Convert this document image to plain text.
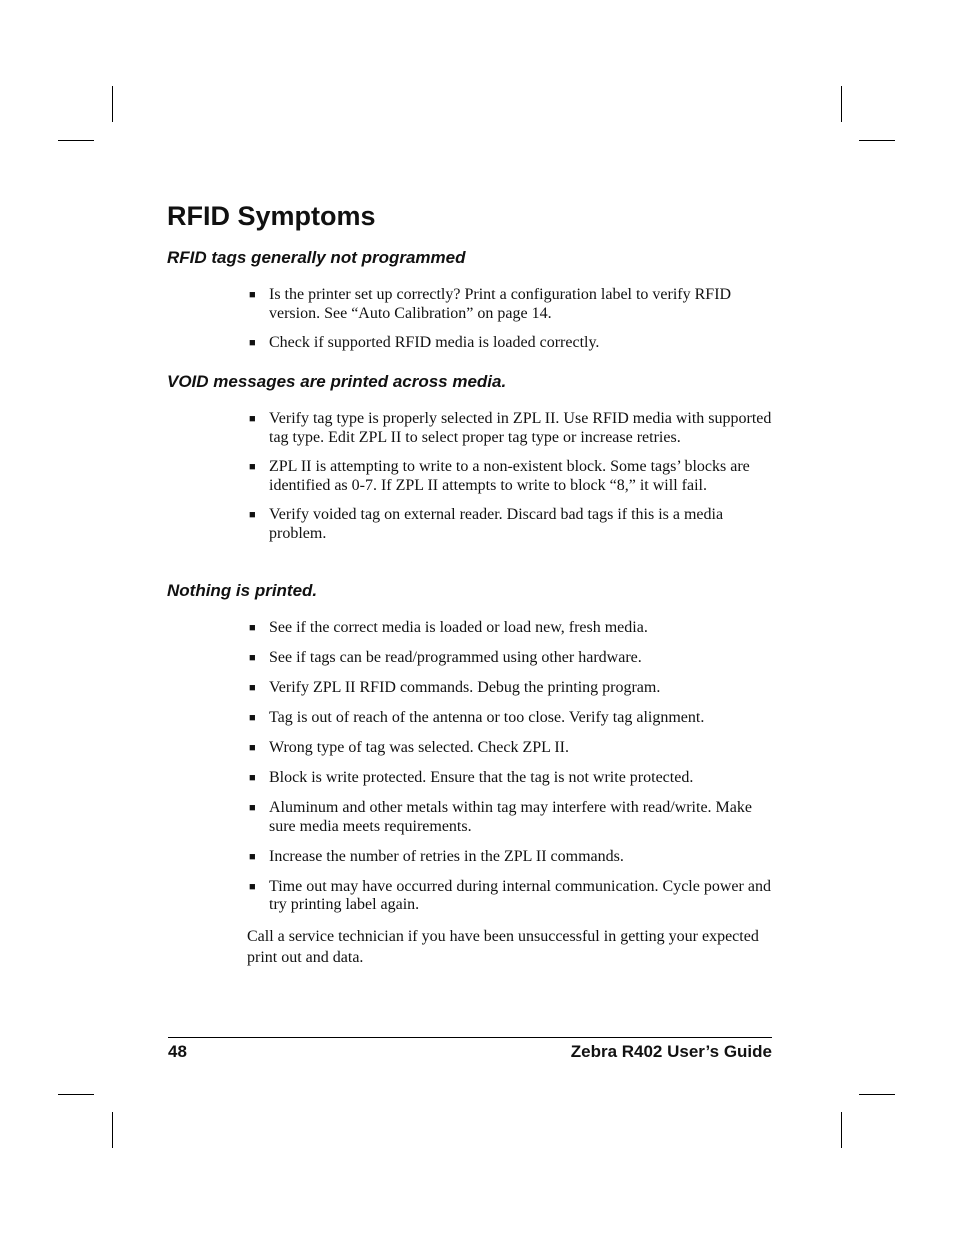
RFID Symptoms
RFID tags generally not programmed
■ Is the printer set up correctly? Print a configuration label to verify RFID version. See “Auto Calibration” on page 14.
■ Check if supported RFID media is loaded correctly.
VOID messages are printed across media.
■ Verify tag type is properly selected in ZPL II. Use RFID media with supported tag type. Edit ZPL II to select proper tag type or increase retries.
■ ZPL II is attempting to write to a non-existent block. Some tags’ blocks are identified as 0-7. If ZPL II attempts to write to block “8,” it will fail.
■ Verify voided tag on external reader. Discard bad tags if this is a media problem.
Nothing is printed.
■ See if the correct media is loaded or load new, fresh media.
■ See if tags can be read/programmed using other hardware.
■ Verify ZPL II RFID commands. Debug the printing program.
■ Tag is out of reach of the antenna or too close. Verify tag alignment.
■ Wrong type of tag was selected. Check ZPL II.
■ Block is write protected. Ensure that the tag is not write protected.
■ Aluminum and other metals within tag may interfere with read/write. Make sure media meets requirements.
■ Increase the number of retries in the ZPL II commands.
■ Time out may have occurred during internal communication. Cycle power and try printing label again.

Call a service technician if you have been unsuccessful in getting your expected print out and data.

48	Zebra R402 User’s Guide
